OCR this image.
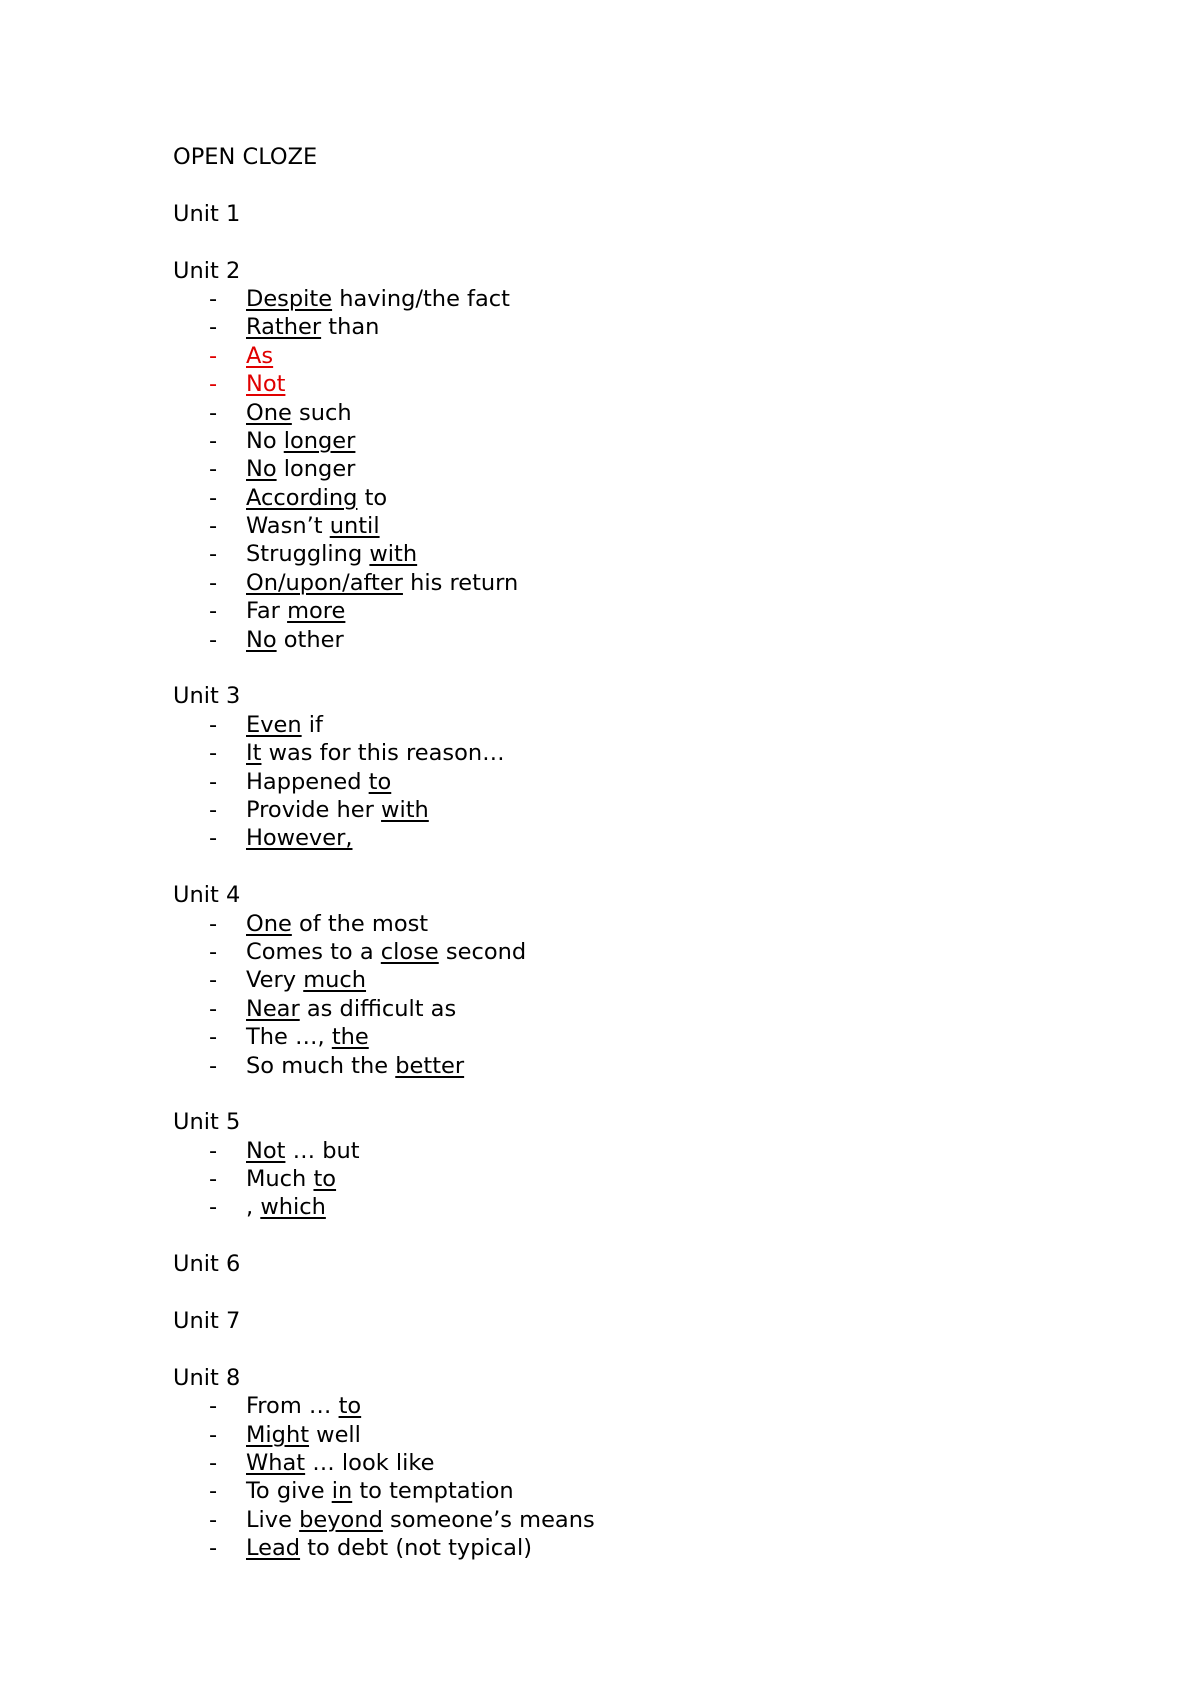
OPEN CLOZE
Unit 1
Unit 2
- Despite having/the fact
- Rather than
- As
- Not
- One such
- No longer
- No longer
- According to
- Wasn’t until
- Struggling with
- On/upon/after his return
- Far more
- No other
Unit 3
- Even if
- It was for this reason…
- Happened to
- Provide her with
- However,
Unit 4
- One of the most
- Comes to a close second
- Very much
- Near as difficult as
- The …, the
- So much the better
Unit 5
- Not … but
- Much to
- , which
Unit 6
Unit 7
Unit 8
- From … to
- Might well
- What … look like
- To give in to temptation
- Live beyond someone’s means
- Lead to debt (not typical)
